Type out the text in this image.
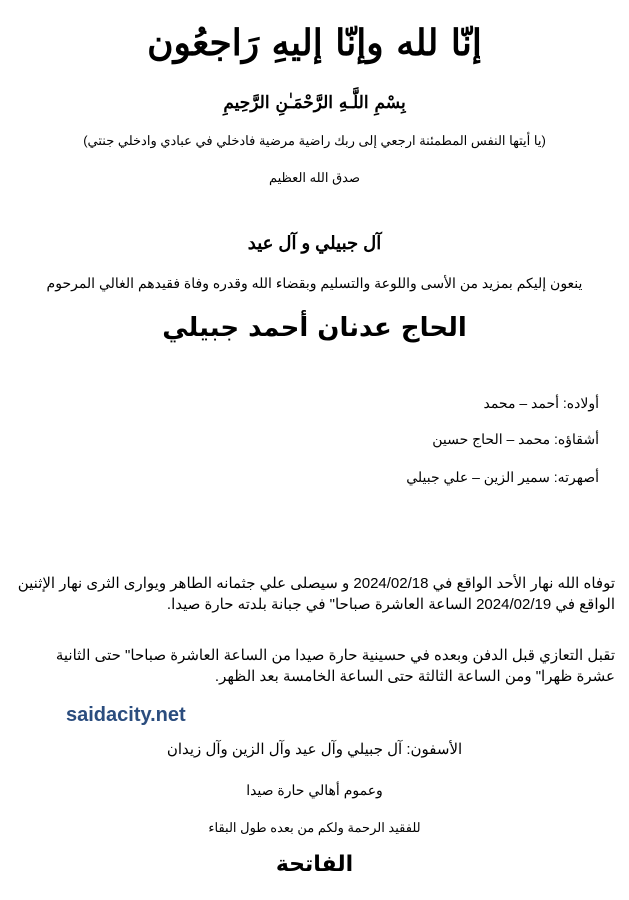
إنّا لله وإنّا إليهِ رَاجعُون
بِسْمِ اللَّـهِ الرَّحْمَـٰنِ الرَّحِيمِ
(يا أيتها النفس المطمئنة ارجعي إلى ربك راضية مرضية فادخلي في عبادي وادخلي جنتي)
صدق الله العظيم
آل جبيلي و آل عيد
ينعون إليكم بمزيد من الأسى واللوعة والتسليم وبقضاء الله وقدره وفاة فقيدهم الغالي المرحوم
الحاج عدنان أحمد جبيلي
أولاده: أحمد – محمد
أشقاؤه: محمد – الحاج حسين
أصهرته: سمير الزين – علي جبيلي
توفاه الله نهار الأحد الواقع في 2024/02/18 و سيصلى علي جثمانه الطاهر ويوارى الثرى نهار الإثنين الواقع في 2024/02/19 الساعة العاشرة صباحا" في جبانة بلدته حارة صيدا.
تقبل التعازي قبل الدفن وبعده في حسينية حارة صيدا من الساعة العاشرة صباحا" حتى الثانية عشرة ظهرا" ومن الساعة الثالثة حتى الساعة الخامسة بعد الظهر.
saidacity.net
الأسفون: آل جبيلي وآل عيد وآل الزين وآل زيدان
وعموم أهالي حارة صيدا
للفقيد الرحمة ولكم من بعده طول البقاء
الفاتحة
